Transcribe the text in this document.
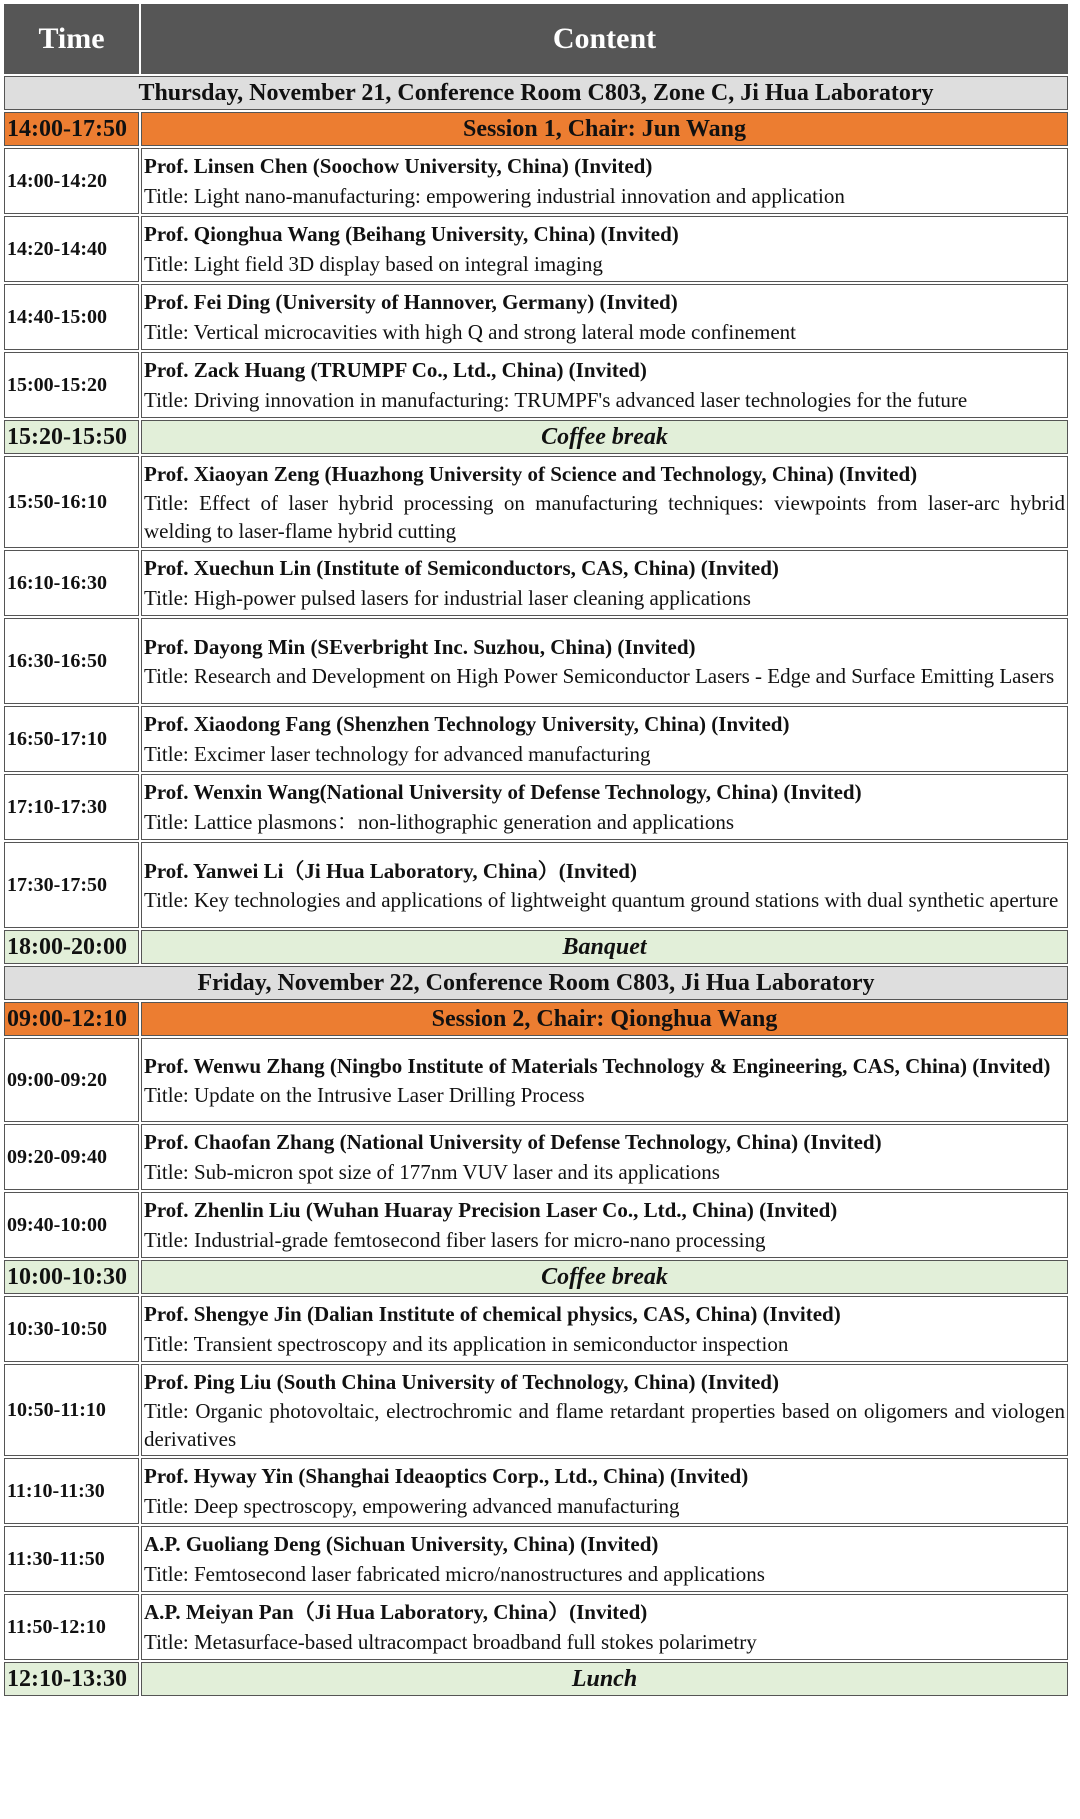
Time	Content
Thursday, November 21, Conference Room C803, Zone C, Ji Hua Laboratory	
14:00-17:50	Session 1, Chair: Jun Wang
14:00-14:20	Prof. Linsen Chen (Soochow University, China) (Invited)
Title: Light nano-manufacturing: empowering industrial innovation and application

14:20-14:40	Prof. Qionghua Wang (Beihang University, China) (Invited)
Title: Light field 3D display based on integral imaging

14:40-15:00	Prof. Fei Ding (University of Hannover, Germany) (Invited)
Title: Vertical microcavities with high Q and strong lateral mode confinement

15:00-15:20	Prof. Zack Huang (TRUMPF Co., Ltd., China) (Invited)
Title: Driving innovation in manufacturing: TRUMPF's advanced laser technologies for the future

15:20-15:50	Coffee break
15:50-16:10	Prof. Xiaoyan Zeng (Huazhong University of Science and Technology, China) (Invited)
Title: Effect of laser hybrid processing on manufacturing techniques: viewpoints from laser-arc hybrid welding to laser-flame hybrid cutting

16:10-16:30	Prof. Xuechun Lin (Institute of Semiconductors, CAS, China) (Invited)
Title: High-power pulsed lasers for industrial laser cleaning applications

16:30-16:50	Prof. Dayong Min (SEverbright Inc. Suzhou, China) (Invited)
Title: Research and Development on High Power Semiconductor Lasers - Edge and Surface Emitting Lasers

16:50-17:10	Prof. Xiaodong Fang (Shenzhen Technology University, China) (Invited)
Title: Excimer laser technology for advanced manufacturing

17:10-17:30	Prof. Wenxin Wang(National University of Defense Technology, China) (Invited)
Title: Lattice plasmons：non-lithographic generation and applications

17:30-17:50	Prof. Yanwei Li（Ji Hua Laboratory, China）(Invited)
Title: Key technologies and applications of lightweight quantum ground stations with dual synthetic aperture

18:00-20:00	Banquet
Friday, November 22, Conference Room C803, Ji Hua Laboratory	
09:00-12:10	Session 2, Chair: Qionghua Wang
09:00-09:20	Prof. Wenwu Zhang (Ningbo Institute of Materials Technology & Engineering, CAS, China) (Invited)
Title: Update on the Intrusive Laser Drilling Process

09:20-09:40	Prof. Chaofan Zhang (National University of Defense Technology, China) (Invited)
Title: Sub-micron spot size of 177nm VUV laser and its applications

09:40-10:00	Prof. Zhenlin Liu (Wuhan Huaray Precision Laser Co., Ltd., China) (Invited)
Title: Industrial-grade femtosecond fiber lasers for micro-nano processing

10:00-10:30	Coffee break
10:30-10:50	Prof. Shengye Jin (Dalian Institute of chemical physics, CAS, China) (Invited)
Title: Transient spectroscopy and its application in semiconductor inspection

10:50-11:10	Prof. Ping Liu (South China University of Technology, China) (Invited)
Title: Organic photovoltaic, electrochromic and flame retardant properties based on oligomers and viologen derivatives

11:10-11:30	Prof. Hyway Yin (Shanghai Ideaoptics Corp., Ltd., China) (Invited)
Title: Deep spectroscopy, empowering advanced manufacturing

11:30-11:50	A.P. Guoliang Deng (Sichuan University, China) (Invited)
Title: Femtosecond laser fabricated micro/nanostructures and applications

11:50-12:10	A.P. Meiyan Pan（Ji Hua Laboratory, China）(Invited)
Title: Metasurface-based ultracompact broadband full stokes polarimetry

12:10-13:30	Lunch
